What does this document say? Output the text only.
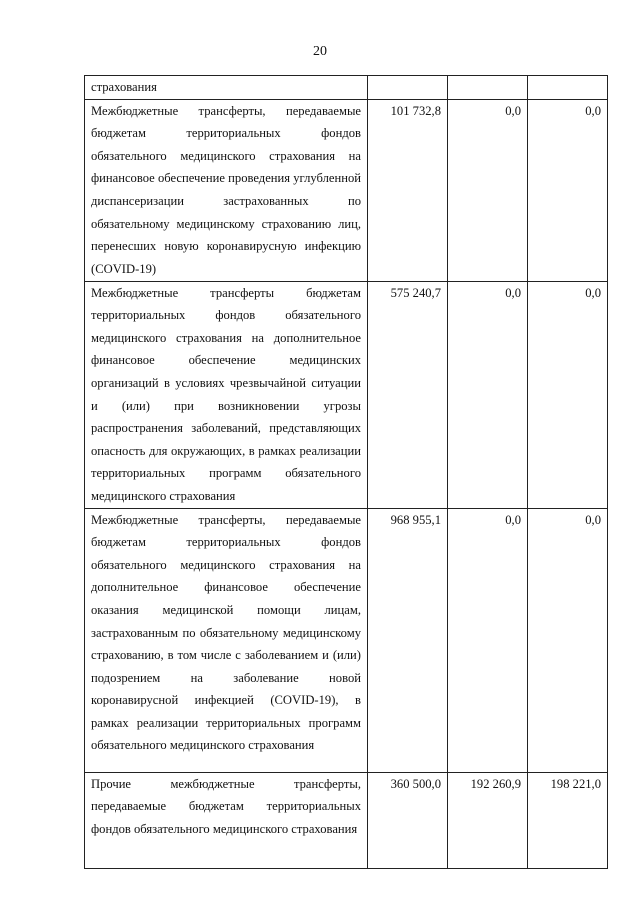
20
страхования			
Межбюджетные трансферты, передаваемые бюджетам территориальных фондов обязательного медицинского страхования на финансовое обеспечение проведения углубленной диспансеризации застрахованных по обязательному медицинскому страхованию лиц, перенесших новую коронавирусную инфекцию (COVID-19)	101 732,8	0,0	0,0
Межбюджетные трансферты бюджетам территориальных фондов обязательного медицинского страхования на дополнительное финансовое обеспечение медицинских организаций в условиях чрезвычайной ситуации и (или) при возникновении угрозы распространения заболеваний, представляющих опасность для окружающих, в рамках реализации территориальных программ обязательного медицинского страхования	575 240,7	0,0	0,0
Межбюджетные трансферты, передаваемые бюджетам территориальных фондов обязательного медицинского страхования на дополнительное финансовое обеспечение оказания медицинской помощи лицам, застрахованным по обязательному медицинскому страхованию, в том числе с заболеванием и (или) подозрением на заболевание новой коронавирусной инфекцией (COVID-19), в рамках реализации территориальных программ обязательного медицинского страхования	968 955,1	0,0	0,0
Прочие межбюджетные трансферты, передаваемые бюджетам территориальных фондов обязательного медицинского страхования	360 500,0	192 260,9	198 221,0
